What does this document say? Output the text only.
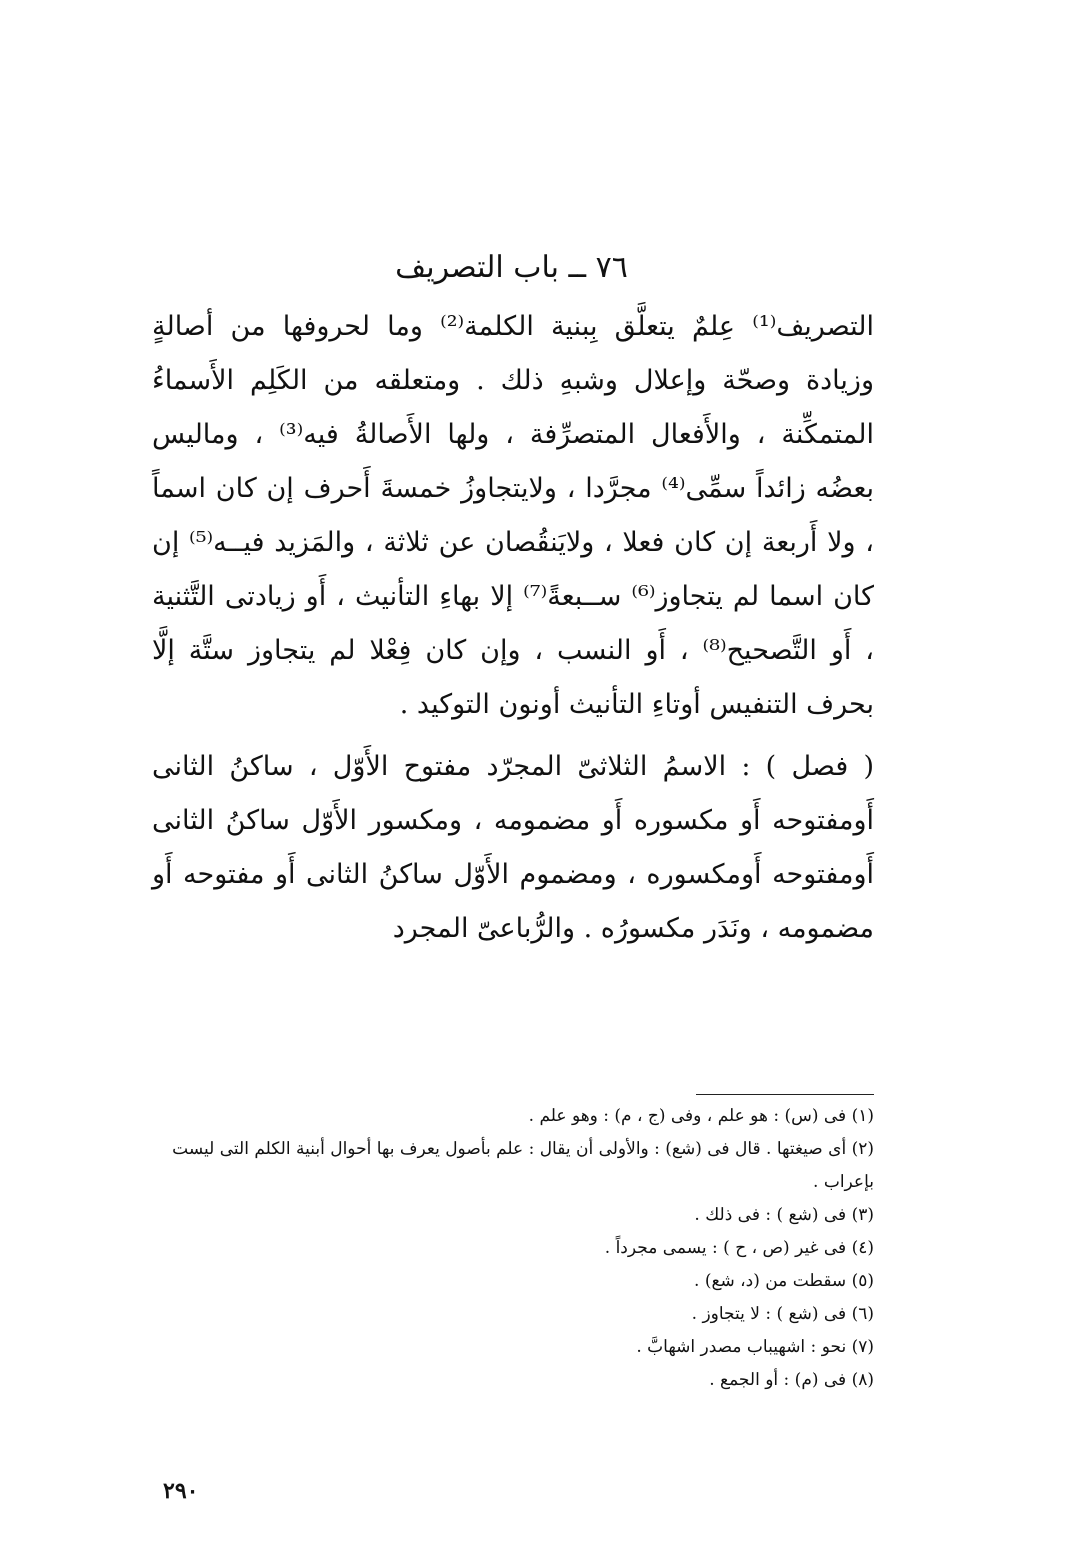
٧٦ ــ باب التصريف

التصريف⁽¹⁾ عِلمٌ يتعلَّق بِبنية الكلمة⁽²⁾ وما لحروفها من أصالةٍ وزيادة وصحّة وإعلال وشبهِ ذلك . ومتعلقه من الكَلِم الأَسماءُ المتمكِّنة ، والأَفعال المتصرِّفة ، ولها الأَصالةُ فيه⁽³⁾ ، وماليس بعضُه زائداً سمِّى⁽⁴⁾ مجرَّدا ، ولايتجاوزُ خمسةَ أَحرف إن كان اسماً ، ولا أَربعة إن كان فعلا ، ولايَنقُصان عن ثلاثة ، والمَزيد فيــه⁽⁵⁾ إن كان اسما لم يتجاوز⁽⁶⁾ ســبعةً⁽⁷⁾ إلا بهاءِ التأنيث ، أَو زيادتى التَّثنية ، أَو التَّصحيح⁽⁸⁾ ، أَو النسب ، وإن كان فِعْلا لم يتجاوز ستَّة إلَّا بحرف التنفيس أوتاءِ التأنيث أونون التوكيد .

( فصل ) : الاسمُ الثلاثىّ المجرّد مفتوح الأَوّل ، ساكنُ الثانى أَومفتوحه أَو مكسوره أَو مضمومه ، ومكسور الأَوّل ساكنُ الثانى أَومفتوحه أَومكسوره ، ومضموم الأَوّل ساكنُ الثانى أَو مفتوحه أَو مضمومه ، ونَدَر مكسورُه . والرُّباعىّ المجرد

(١) فى (س) : هو علم ، وفى (ج ، م) : وهو علم .

(٢) أى صيغتها . قال فى (شع) : والأولى أن يقال : علم بأصول يعرف بها أحوال أبنية الكلم التى ليست بإعراب .

(٣) فى (شع ) : فى ذلك .

(٤) فى غير (ص ، ح ) : يسمى مجرداً .

(٥) سقطت من (د، شع) .

(٦) فى (شع ) : لا يتجاوز .

(٧) نحو : اشهيباب مصدر اشهابَّ .

(٨) فى (م) : أو الجمع .

٢٩٠
